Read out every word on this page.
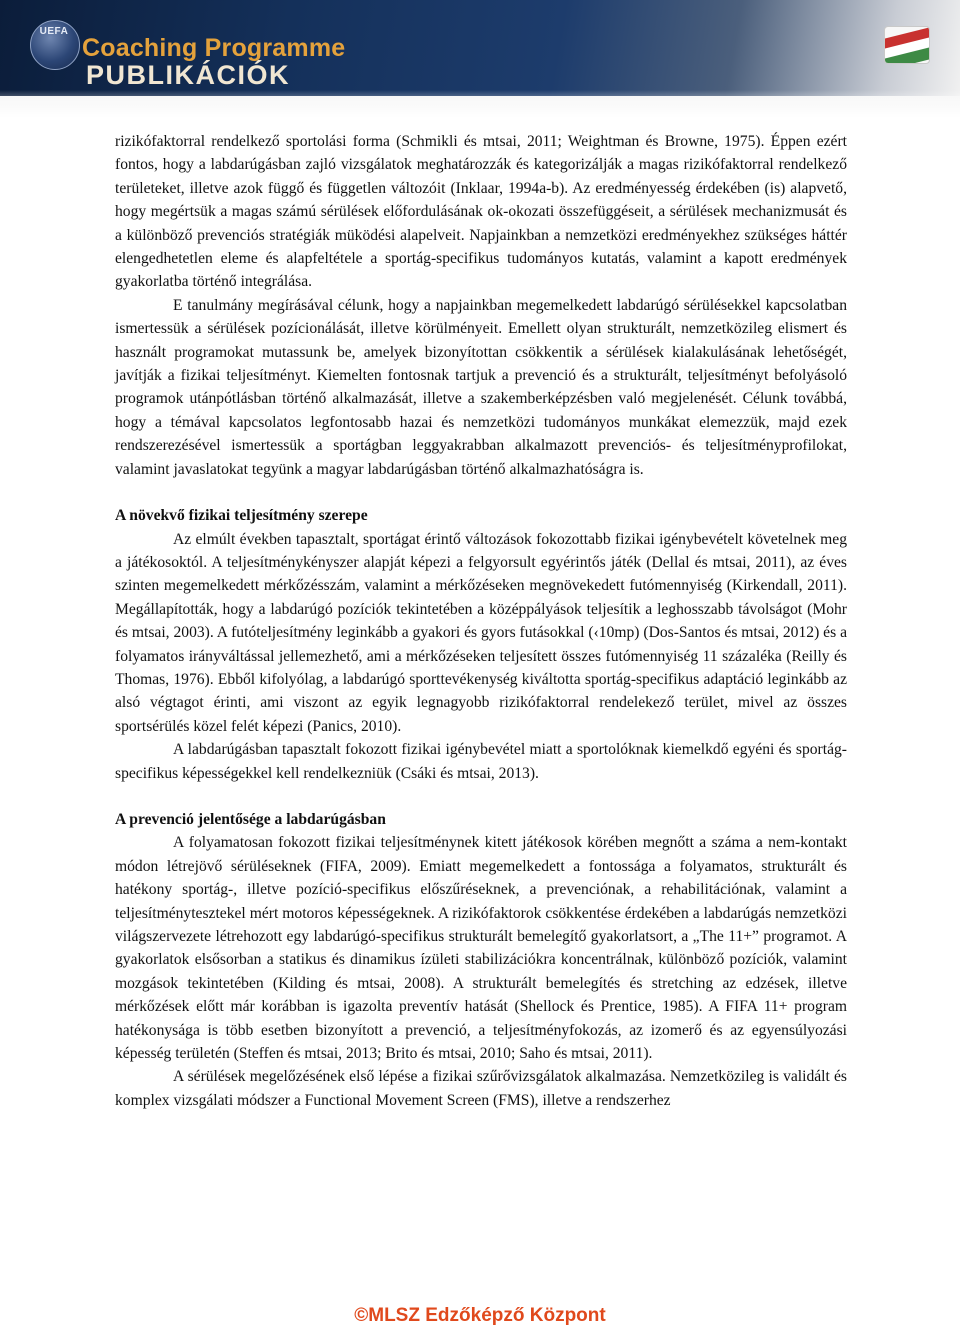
UEFA
Coaching Programme
PUBLIKÁCIÓK

rizikófaktorral rendelkező sportolási forma (Schmikli és mtsai, 2011; Weightman és Browne, 1975). Éppen ezért fontos, hogy a labdarúgásban zajló vizsgálatok meghatározzák és kategorizálják a magas rizikófaktorral rendelkező területeket, illetve azok függő és független változóit (Inklaar, 1994a-b). Az eredményesség érdekében (is) alapvető, hogy megértsük a magas számú sérülések előfordulásának ok-okozati összefüggéseit, a sérülések mechanizmusát és a különböző prevenciós stratégiák müködési alapelveit. Napjainkban a nemzetközi eredményekhez szükséges háttér elengedhetetlen eleme és alapfeltétele a sportág-specifikus tudományos kutatás, valamint a kapott eredmények gyakorlatba történő integrálása.

E tanulmány megírásával célunk, hogy a napjainkban megemelkedett labdarúgó sérülésekkel kapcsolatban ismertessük a sérülések pozícionálását, illetve körülményeit. Emellett olyan strukturált, nemzetközileg elismert és használt programokat mutassunk be, amelyek bizonyítottan csökkentik a sérülések kialakulásának lehetőségét, javítják a fizikai teljesítményt. Kiemelten fontosnak tartjuk a prevenció és a strukturált, teljesítményt befolyásoló programok utánpótlásban történő alkalmazását, illetve a szakemberképzésben való megjelenését. Célunk továbbá, hogy a témával kapcsolatos legfontosabb hazai és nemzetközi tudományos munkákat elemezzük, majd ezek rendszerezésével ismertessük a sportágban leggyakrabban alkalmazott prevenciós- és teljesítményprofilokat, valamint javaslatokat tegyünk a magyar labdarúgásban történő alkalmazhatóságra is.

A növekvő fizikai teljesítmény szerepe

Az elmúlt években tapasztalt, sportágat érintő változások fokozottabb fizikai igénybevételt követelnek meg a játékosoktól. A teljesítménykényszer alapját képezi a felgyorsult egyérintős játék (Dellal és mtsai, 2011), az éves szinten megemelkedett mérkőzésszám, valamint a mérkőzéseken megnövekedett futómennyiség (Kirkendall, 2011). Megállapították, hogy a labdarúgó pozíciók tekintetében a középpályások teljesítik a leghosszabb távolságot (Mohr és mtsai, 2003). A futóteljesítmény leginkább a gyakori és gyors futásokkal (‹10mp) (Dos-Santos és mtsai, 2012) és a folyamatos irányváltással jellemezhető, ami a mérkőzéseken teljesített összes futómennyiség 11 százaléka (Reilly és Thomas, 1976). Ebből kifolyólag, a labdarúgó sporttevékenység kiváltotta sportág-specifikus adaptáció leginkább az alsó végtagot érinti, ami viszont az egyik legnagyobb rizikófaktorral rendelekező terület, mivel az összes sportsérülés közel felét képezi (Panics, 2010).

A labdarúgásban tapasztalt fokozott fizikai igénybevétel miatt a sportolóknak kiemelkdő egyéni és sportág-specifikus képességekkel kell rendelkezniük (Csáki és mtsai, 2013).

A prevenció jelentősége a labdarúgásban

A folyamatosan fokozott fizikai teljesítménynek kitett játékosok körében megnőtt a száma a nem-kontakt módon létrejövő sérüléseknek (FIFA, 2009). Emiatt megemelkedett a fontossága a folyamatos, strukturált és hatékony sportág-, illetve pozíció-specifikus előszűréseknek, a prevenciónak, a rehabilitációnak, valamint a teljesítménytesztekel mért motoros képességeknek. A rizikófaktorok csökkentése érdekében a labdarúgás nemzetközi világszervezete létrehozott egy labdarúgó-specifikus strukturált bemelegítő gyakorlatsort, a „The 11+” programot. A gyakorlatok elsősorban a statikus és dinamikus ízületi stabilizációkra koncentrálnak, különböző pozíciók, valamint mozgások tekintetében (Kilding és mtsai, 2008). A strukturált bemelegítés és stretching az edzések, illetve mérkőzések előtt már korábban is igazolta preventív hatását (Shellock és Prentice, 1985). A FIFA 11+ program hatékonysága is több esetben bizonyított a prevenció, a teljesítményfokozás, az izomerő és az egyensúlyozási képesség területén (Steffen és mtsai, 2013; Brito és mtsai, 2010; Saho és mtsai, 2011).

A sérülések megelőzésének első lépése a fizikai szűrővizsgálatok alkalmazása. Nemzetközileg is validált és komplex vizsgálati módszer a Functional Movement Screen (FMS), illetve a rendszerhez

©MLSZ Edzőképző Központ
